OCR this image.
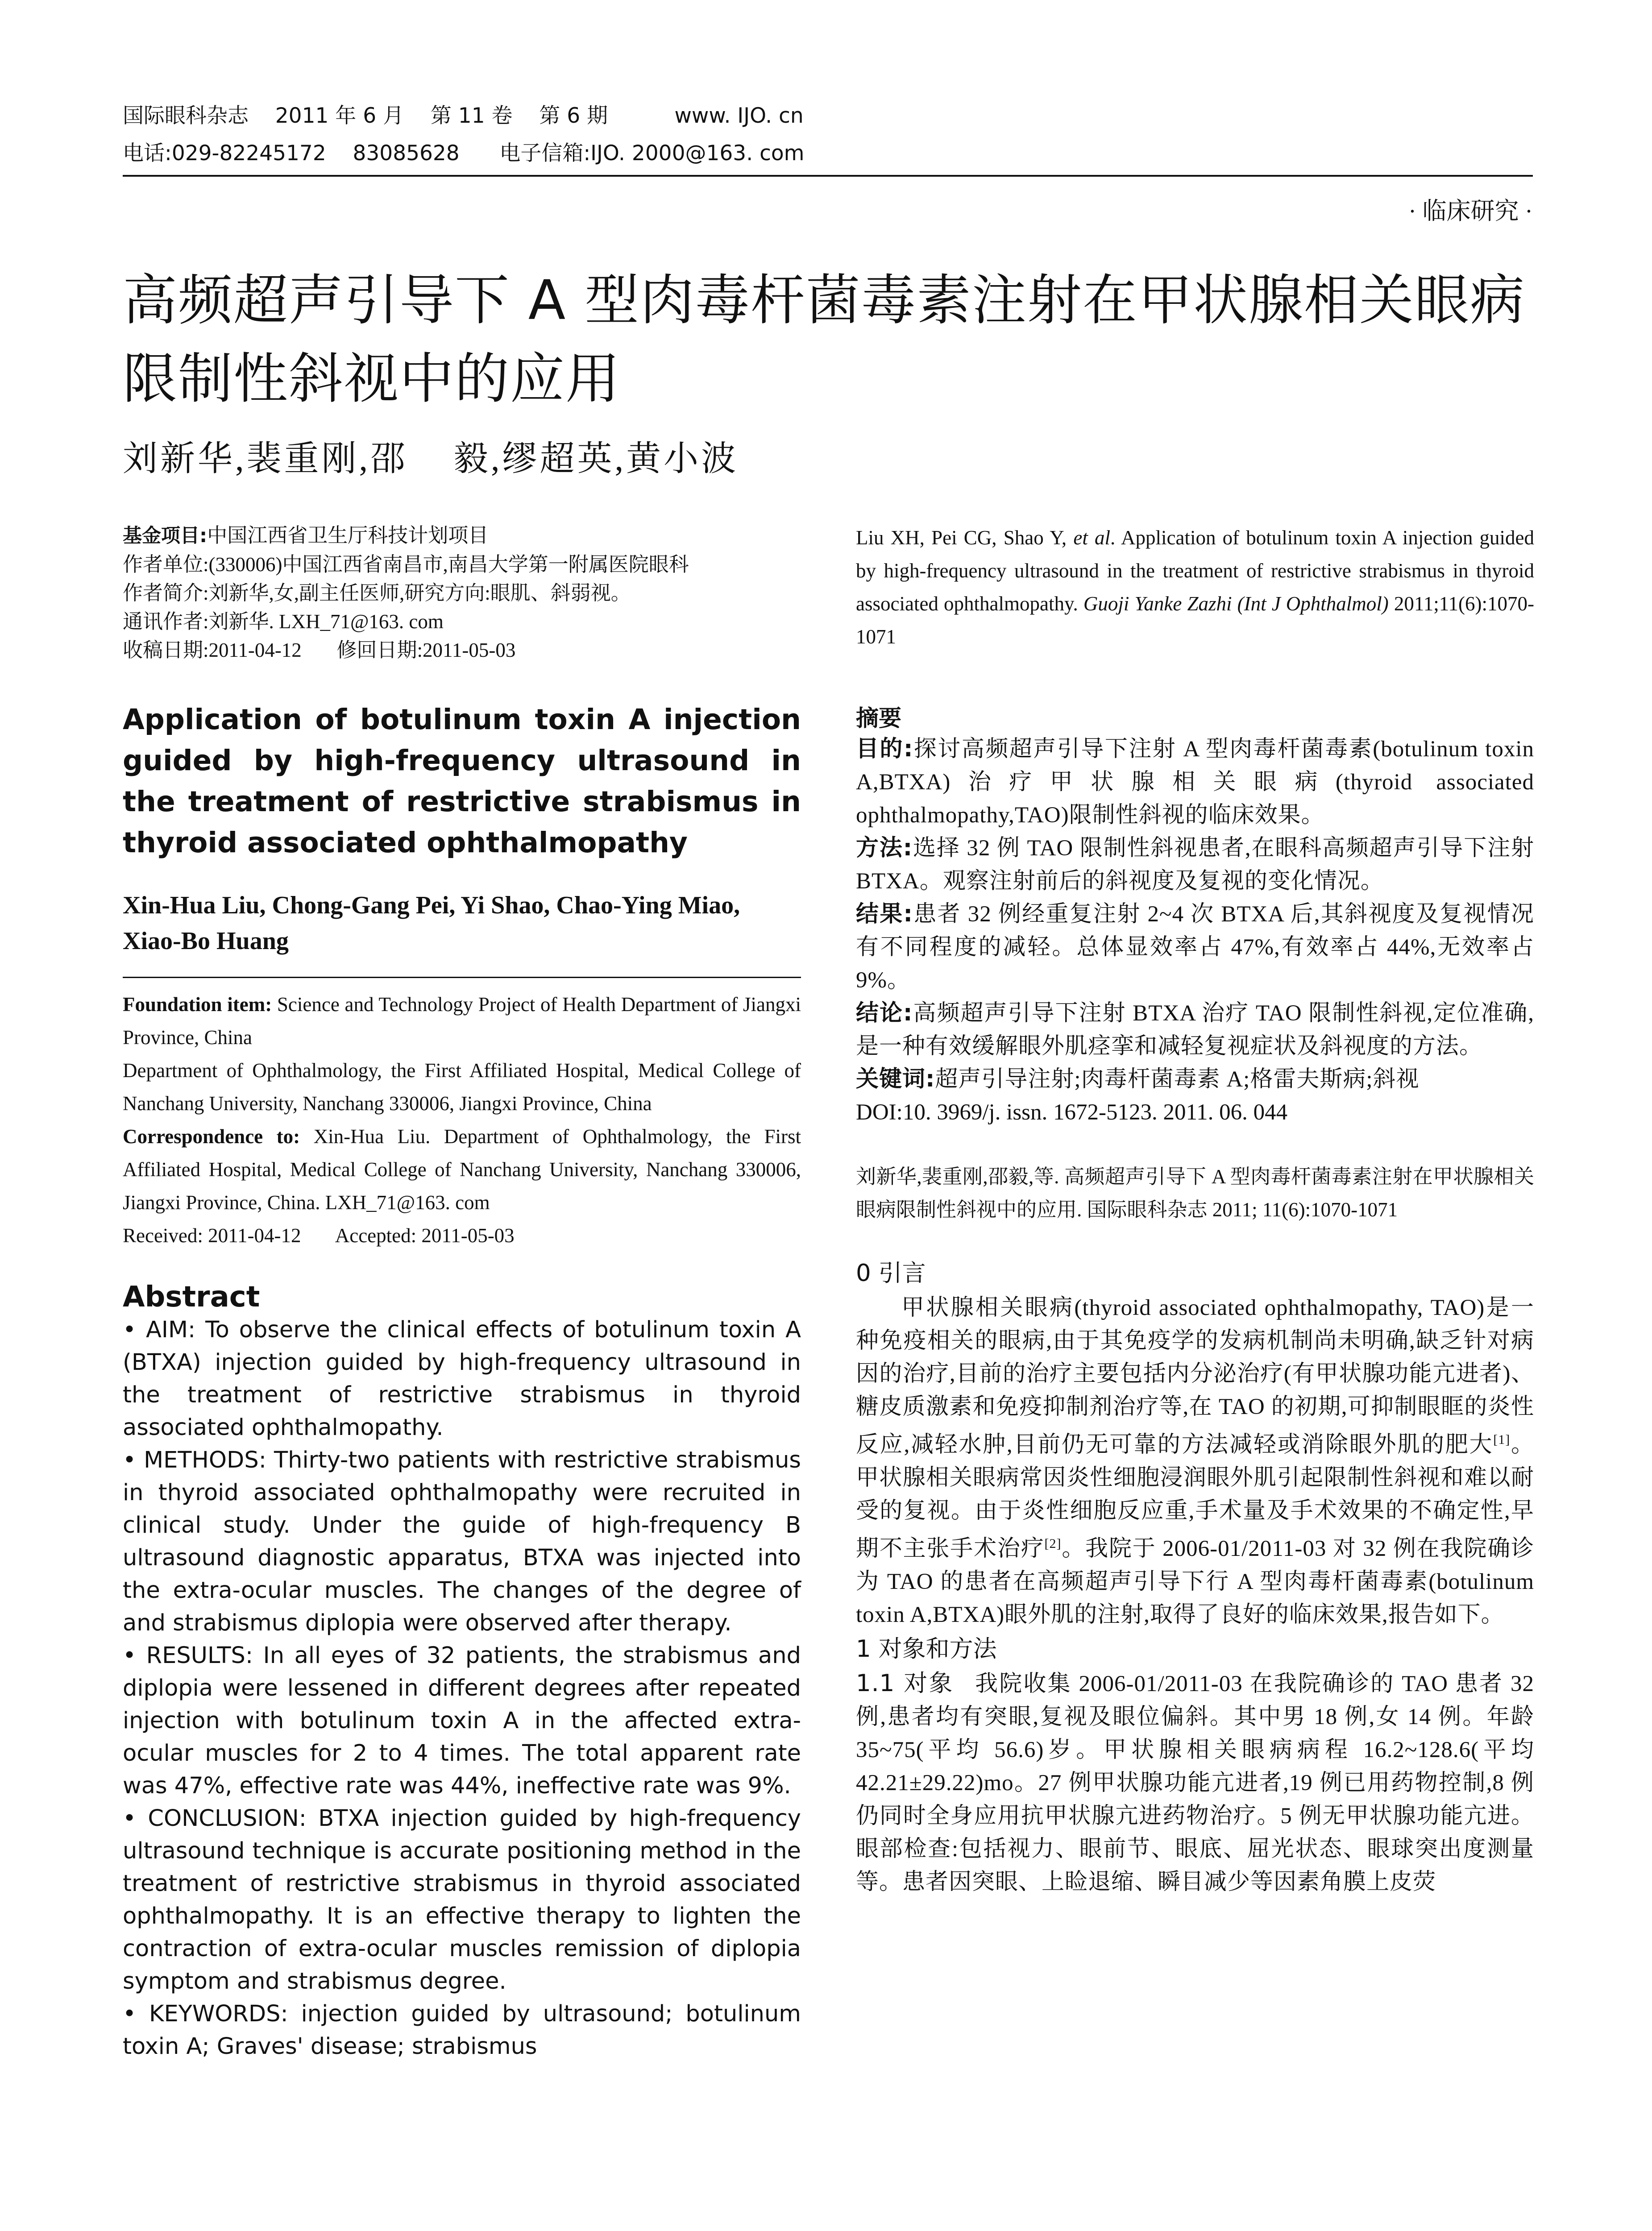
国际眼科杂志    2011 年 6 月    第 11 卷    第 6 期          www. IJO. cn
电话:029-82245172    83085628      电子信箱:IJO. 2000@163. com
· 临床研究 ·
高频超声引导下 A 型肉毒杆菌毒素注射在甲状腺相关眼病限制性斜视中的应用
刘新华,裴重刚,邵    毅,缪超英,黄小波

基金项目:中国江西省卫生厅科技计划项目

作者单位:(330006)中国江西省南昌市,南昌大学第一附属医院眼科

作者简介:刘新华,女,副主任医师,研究方向:眼肌、斜弱视。

通讯作者:刘新华. LXH_71@163. com

收稿日期:2011-04-12       修回日期:2011-05-03

Application of botulinum toxin A injection guided by high-frequency ultrasound in the treatment of restrictive strabismus in thyroid associated ophthalmopathy
Xin-Hua Liu, Chong-Gang Pei, Yi Shao, Chao-Ying Miao, Xiao-Bo Huang

Foundation item: Science and Technology Project of Health Department of Jiangxi Province, China

Department of Ophthalmology, the First Affiliated Hospital, Medical College of Nanchang University, Nanchang 330006, Jiangxi Province, China

Correspondence to: Xin-Hua Liu. Department of Ophthalmology, the First Affiliated Hospital, Medical College of Nanchang University, Nanchang 330006, Jiangxi Province, China. LXH_71@163. com

Received: 2011-04-12       Accepted: 2011-05-03

Abstract

• AIM: To observe the clinical effects of botulinum toxin A (BTXA) injection guided by high-frequency ultrasound in the treatment of restrictive strabismus in thyroid associated ophthalmopathy.

• METHODS: Thirty-two patients with restrictive strabismus in thyroid associated ophthalmopathy were recruited in clinical study. Under the guide of high-frequency B ultrasound diagnostic apparatus, BTXA was injected into the extra-ocular muscles. The changes of the degree of and strabismus diplopia were observed after therapy.

• RESULTS: In all eyes of 32 patients, the strabismus and diplopia were lessened in different degrees after repeated injection with botulinum toxin A in the affected extra-ocular muscles for 2 to 4 times. The total apparent rate was 47%, effective rate was 44%, ineffective rate was 9%.

• CONCLUSION: BTXA injection guided by high-frequency ultrasound technique is accurate positioning method in the treatment of restrictive strabismus in thyroid associated ophthalmopathy. It is an effective therapy to lighten the contraction of extra-ocular muscles remission of diplopia symptom and strabismus degree.

• KEYWORDS: injection guided by ultrasound; botulinum toxin A; Graves' disease; strabismus

Liu XH, Pei CG, Shao Y, et al. Application of botulinum toxin A injection guided by high-frequency ultrasound in the treatment of restrictive strabismus in thyroid associated ophthalmopathy. Guoji Yanke Zazhi (Int J Ophthalmol) 2011;11(6):1070-1071

摘要

目的:探讨高频超声引导下注射 A 型肉毒杆菌毒素(botulinum toxin A,BTXA)治疗甲状腺相关眼病(thyroid associated ophthalmopathy,TAO)限制性斜视的临床效果。

方法:选择 32 例 TAO 限制性斜视患者,在眼科高频超声引导下注射 BTXA。观察注射前后的斜视度及复视的变化情况。

结果:患者 32 例经重复注射 2~4 次 BTXA 后,其斜视度及复视情况有不同程度的减轻。总体显效率占 47%,有效率占 44%,无效率占 9%。

结论:高频超声引导下注射 BTXA 治疗 TAO 限制性斜视,定位准确,是一种有效缓解眼外肌痉挛和减轻复视症状及斜视度的方法。

关键词:超声引导注射;肉毒杆菌毒素 A;格雷夫斯病;斜视

DOI:10. 3969/j. issn. 1672-5123. 2011. 06. 044

刘新华,裴重刚,邵毅,等. 高频超声引导下 A 型肉毒杆菌毒素注射在甲状腺相关眼病限制性斜视中的应用. 国际眼科杂志 2011; 11(6):1070-1071

0 引言

甲状腺相关眼病(thyroid associated ophthalmopathy, TAO)是一种免疫相关的眼病,由于其免疫学的发病机制尚未明确,缺乏针对病因的治疗,目前的治疗主要包括内分泌治疗(有甲状腺功能亢进者)、糖皮质激素和免疫抑制剂治疗等,在 TAO 的初期,可抑制眼眶的炎性反应,减轻水肿,目前仍无可靠的方法减轻或消除眼外肌的肥大[1]。甲状腺相关眼病常因炎性细胞浸润眼外肌引起限制性斜视和难以耐受的复视。由于炎性细胞反应重,手术量及手术效果的不确定性,早期不主张手术治疗[2]。我院于 2006-01/2011-03 对 32 例在我院确诊为 TAO 的患者在高频超声引导下行 A 型肉毒杆菌毒素(botulinum toxin A,BTXA)眼外肌的注射,取得了良好的临床效果,报告如下。

1 对象和方法

1.1 对象 我院收集 2006-01/2011-03 在我院确诊的 TAO 患者 32 例,患者均有突眼,复视及眼位偏斜。其中男 18 例,女 14 例。年龄 35~75(平均 56.6)岁。甲状腺相关眼病病程 16.2~128.6(平均 42.21±29.22)mo。27 例甲状腺功能亢进者,19 例已用药物控制,8 例仍同时全身应用抗甲状腺亢进药物治疗。5 例无甲状腺功能亢进。眼部检查:包括视力、眼前节、眼底、屈光状态、眼球突出度测量等。患者因突眼、上睑退缩、瞬目减少等因素角膜上皮荧
